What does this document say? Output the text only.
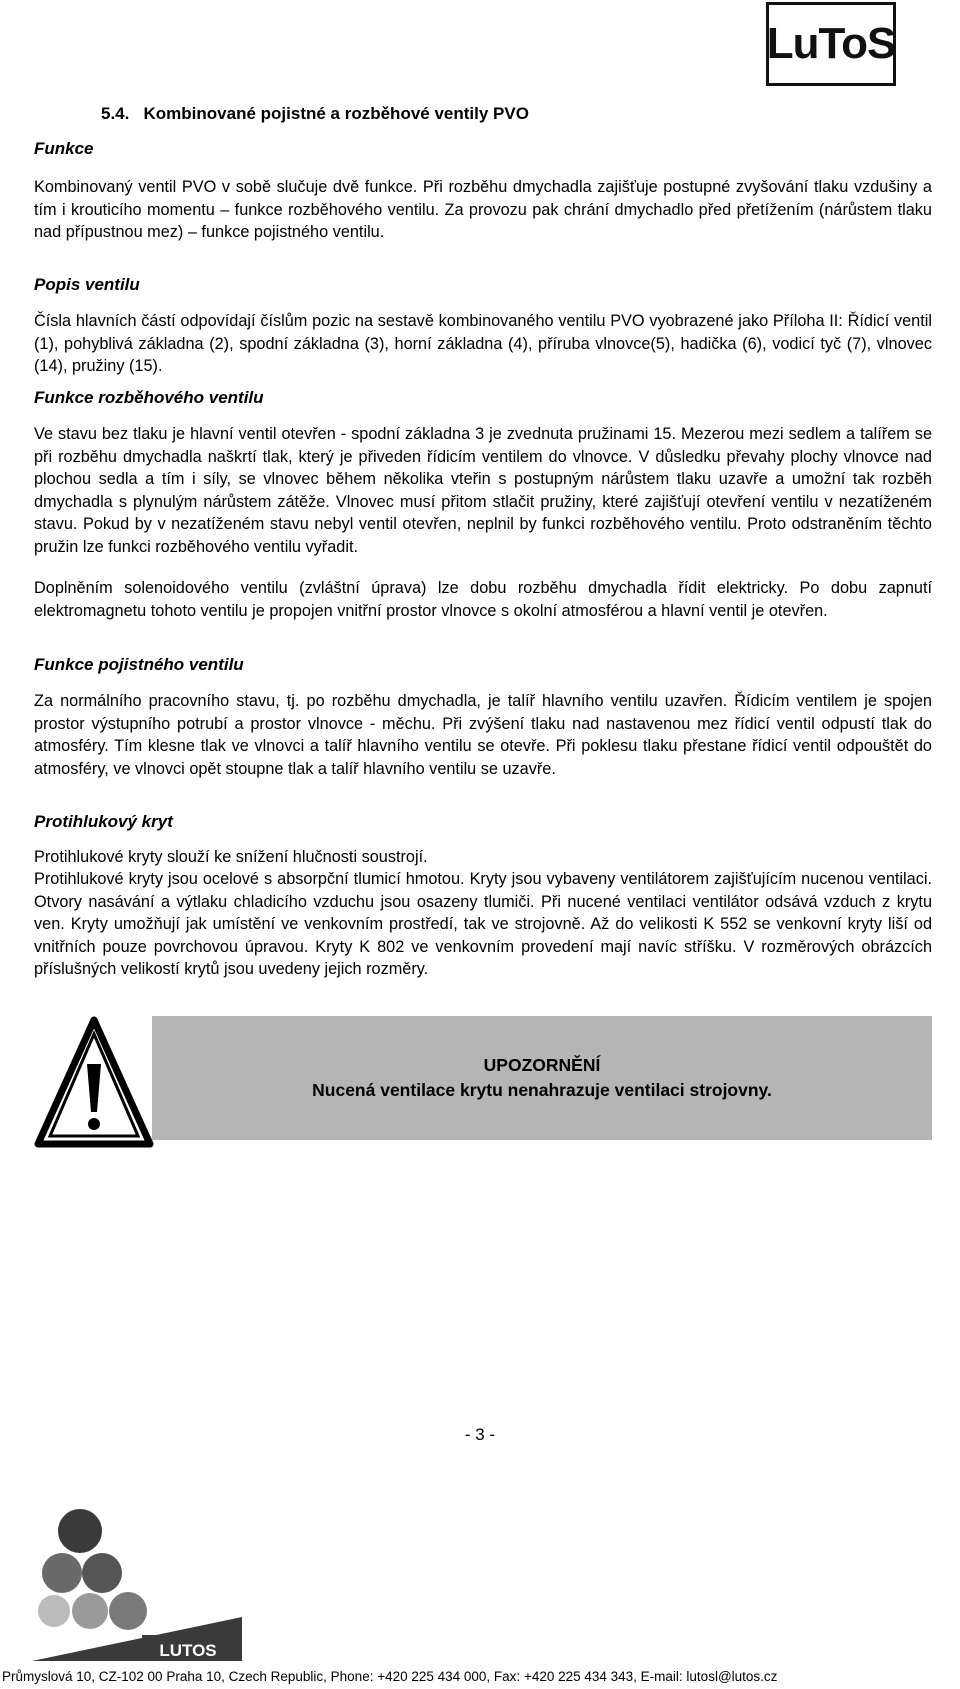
LuToS
5.4.   Kombinované pojistné a rozběhové ventily PVO
Funkce

Kombinovaný ventil PVO v sobě slučuje dvě funkce. Při rozběhu dmychadla zajišťuje postupné zvyšování tlaku vzdušiny a tím i krouticího momentu – funkce rozběhového ventilu. Za provozu pak chrání dmychadlo před přetížením (nárůstem tlaku nad přípustnou mez) – funkce pojistného ventilu.

Popis ventilu

Čísla hlavních částí odpovídají číslům pozic na sestavě kombinovaného ventilu PVO vyobrazené jako Příloha II: Řídicí ventil (1), pohyblivá základna (2), spodní základna (3), horní základna (4), příruba vlnovce(5), hadička (6), vodicí tyč (7), vlnovec (14), pružiny (15).

Funkce rozběhového ventilu

Ve stavu bez tlaku je hlavní ventil otevřen - spodní základna 3 je zvednuta pružinami 15. Mezerou mezi sedlem a talířem se při rozběhu dmychadla naškrtí tlak, který je přiveden řídicím ventilem do vlnovce. V důsledku převahy plochy vlnovce nad plochou sedla a tím i síly, se vlnovec během několika vteřin s postupným nárůstem tlaku uzavře a umožní tak rozběh dmychadla s plynulým nárůstem zátěže. Vlnovec musí přitom stlačit pružiny, které zajišťují otevření ventilu v nezatíženém stavu. Pokud by v nezatíženém stavu nebyl ventil otevřen, neplnil by funkci rozběhového ventilu. Proto odstraněním těchto pružin lze funkci rozběhového ventilu vyřadit.

Doplněním solenoidového ventilu (zvláštní úprava) lze dobu rozběhu dmychadla řídit elektricky. Po dobu zapnutí elektromagnetu tohoto ventilu je propojen vnitřní prostor vlnovce s okolní atmosférou a hlavní ventil je otevřen.

Funkce pojistného ventilu

Za normálního pracovního stavu, tj. po rozběhu dmychadla, je talíř hlavního ventilu uzavřen. Řídicím ventilem je spojen prostor výstupního potrubí a prostor vlnovce - měchu. Při zvýšení tlaku nad nastavenou mez řídicí ventil odpustí tlak do atmosféry. Tím klesne tlak ve vlnovci a talíř hlavního ventilu se otevře. Při poklesu tlaku přestane řídicí ventil odpouštět do atmosféry, ve vlnovci opět stoupne tlak a talíř hlavního ventilu se uzavře.

Protihlukový kryt

Protihlukové kryty slouží ke snížení hlučnosti soustrojí.

Protihlukové kryty jsou ocelové s absorpční tlumicí hmotou. Kryty jsou vybaveny ventilátorem zajišťujícím nucenou ventilaci. Otvory nasávání a výtlaku chladicího vzduchu jsou osazeny tlumiči. Při nucené ventilaci ventilátor odsává vzduch z krytu ven. Kryty umožňují jak umístění ve venkovním prostředí, tak ve strojovně. Až do velikosti K 552 se venkovní kryty liší od vnitřních pouze povrchovou úpravou. Kryty K 802 ve venkovním provedení mají navíc stříšku. V rozměrových obrázcích příslušných velikostí krytů jsou uvedeny jejich rozměry.

UPOZORNĚNÍ
Nucená ventilace krytu nenahrazuje ventilaci strojovny.
- 3 -
LUTOS
Průmyslová 10, CZ-102 00 Praha 10, Czech Republic, Phone: +420 225 434 000, Fax: +420 225 434 343, E-mail: lutosl@lutos.cz
